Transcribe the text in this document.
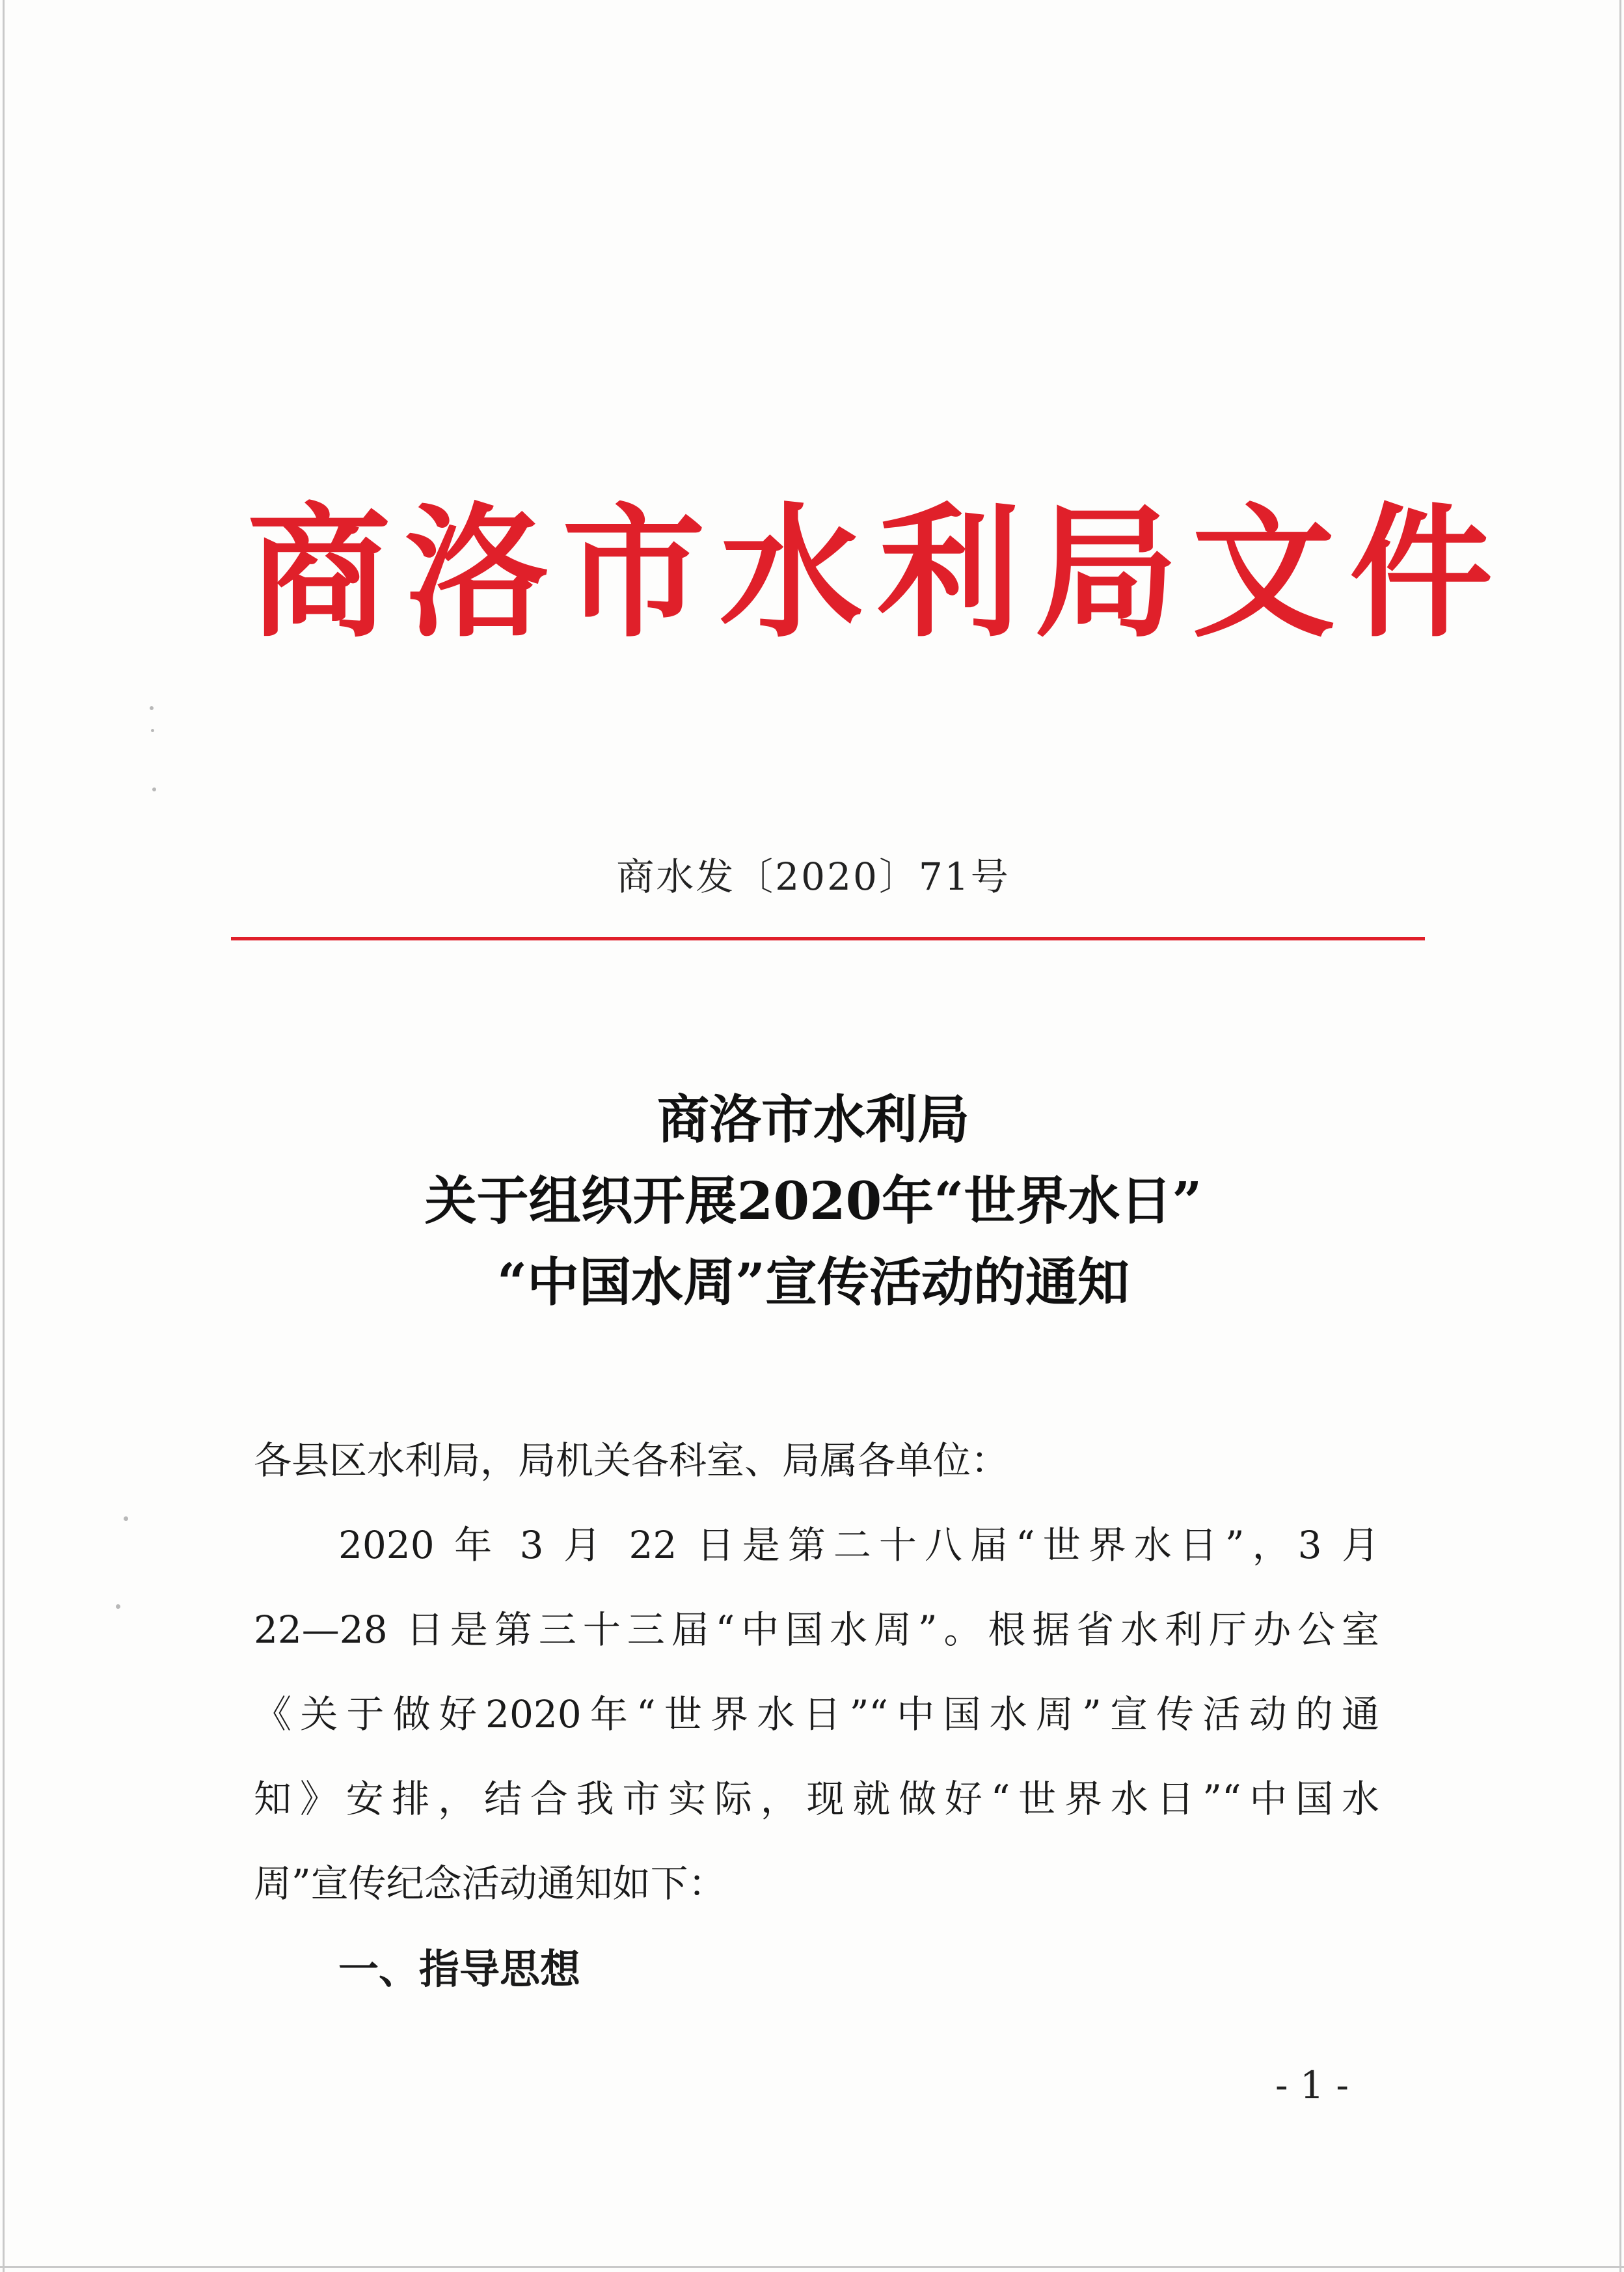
商洛市水利局文件
商水发〔2020〕71号
商洛市水利局
关于组织开展2020年“世界水日”
“中国水周”宣传活动的通知
各县区水利局，局机关各科室、局属各单位：
2020 年 3 月 22 日是第二十八届“世界水日”，3 月
22—28 日是第三十三届“中国水周”。根据省水利厅办公室
《关于做好2020年“世界水日”“中国水周”宣传活动的通
知》安排，结合我市实际，现就做好“世界水日”“中国水
周”宣传纪念活动通知如下：
一、指导思想
- 1 -
